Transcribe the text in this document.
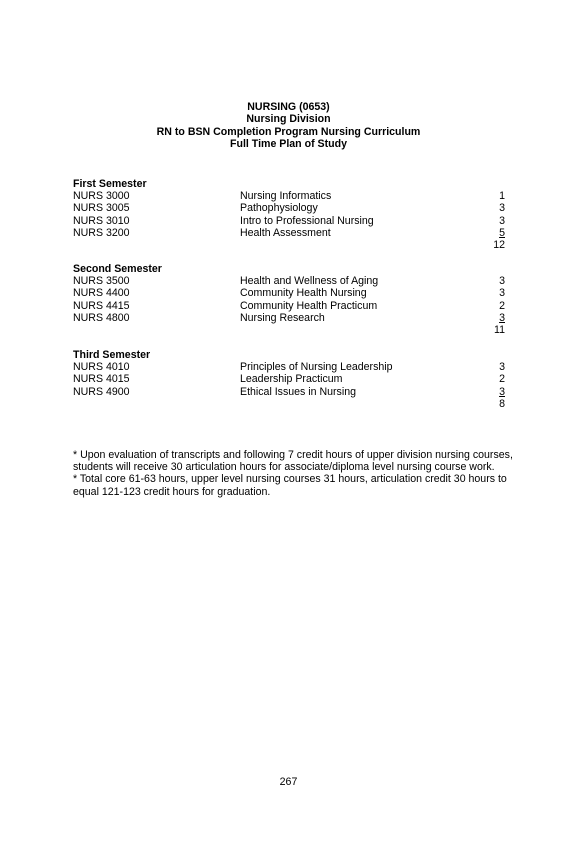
NURSING (0653)
Nursing Division
RN to BSN Completion Program Nursing Curriculum
Full Time Plan of Study
First Semester
NURS 3000	Nursing Informatics	1
NURS 3005	Pathophysiology	3
NURS 3010	Intro to Professional Nursing	3
NURS 3200	Health Assessment	5
12
Second Semester
NURS 3500	Health and Wellness of Aging	3
NURS 4400	Community Health Nursing	3
NURS 4415	Community Health Practicum	2
NURS 4800	Nursing Research	3
11
Third Semester
NURS 4010	Principles of Nursing Leadership	3
NURS 4015	Leadership Practicum	2
NURS 4900	Ethical Issues in Nursing	3
8

* Upon evaluation of transcripts and following 7 credit hours of upper division nursing courses, students will receive 30 articulation hours for associate/diploma level nursing course work.

* Total core 61-63 hours, upper level nursing courses 31 hours, articulation credit 30 hours to equal 121-123 credit hours for graduation.

267
